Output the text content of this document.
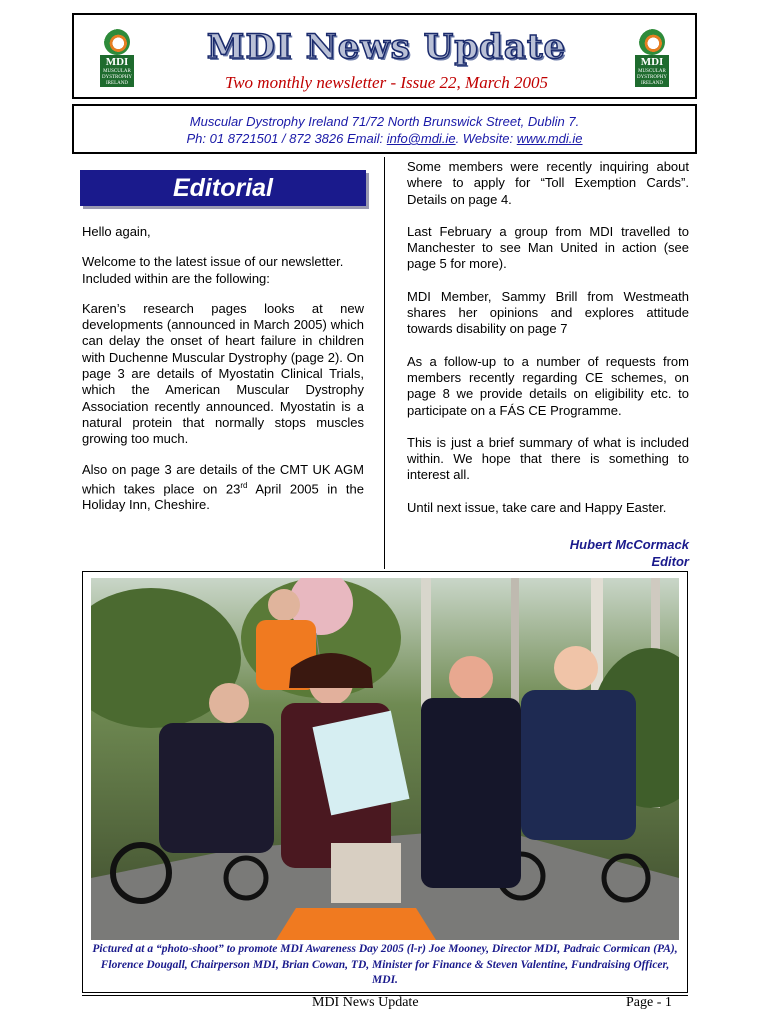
MDI
MUSCULAR DYSTROPHY IRELAND
MDI News Update
Two monthly newsletter - Issue 22, March 2005
MDI
MUSCULAR DYSTROPHY IRELAND
Muscular Dystrophy Ireland 71/72 North Brunswick Street, Dublin 7.
Ph: 01 8721501 / 872 3826 Email: info@mdi.ie. Website: www.mdi.ie
Editorial

Hello again,

Welcome to the latest issue of our newsletter. Included within are the following:

Karen’s research pages looks at new developments (announced in March 2005) which can delay the onset of heart failure in children with Duchenne Muscular Dystrophy (page 2). On page 3 are details of Myostatin Clinical Trials, which the American Muscular Dystrophy Association recently announced. Myostatin is a natural protein that normally stops muscles growing too much.

Also on page 3 are details of the CMT UK AGM which takes place on 23rd April 2005 in the Holiday Inn, Cheshire.

Some members were recently inquiring about where to apply for “Toll Exemption Cards”. Details on page 4.

Last February a group from MDI travelled to Manchester to see Man United in action (see page 5 for more).

MDI Member, Sammy Brill from Westmeath shares her opinions and explores attitude towards disability on page 7

As a follow-up to a number of requests from members recently regarding CE schemes, on page 8 we provide details on eligibility etc. to participate on a FÁS CE Programme.

This is just a brief summary of what is included within. We hope that there is something to interest all.

Until next issue, take care and Happy Easter.

Hubert McCormack
Editor
Pictured at a “photo-shoot” to promote MDI Awareness Day 2005 (l-r) Joe Mooney, Director MDI, Padraic Cormican (PA), Florence Dougall, Chairperson MDI, Brian Cowan, TD, Minister for Finance & Steven Valentine, Fundraising Officer, MDI.
MDI News Update	Page - 1
